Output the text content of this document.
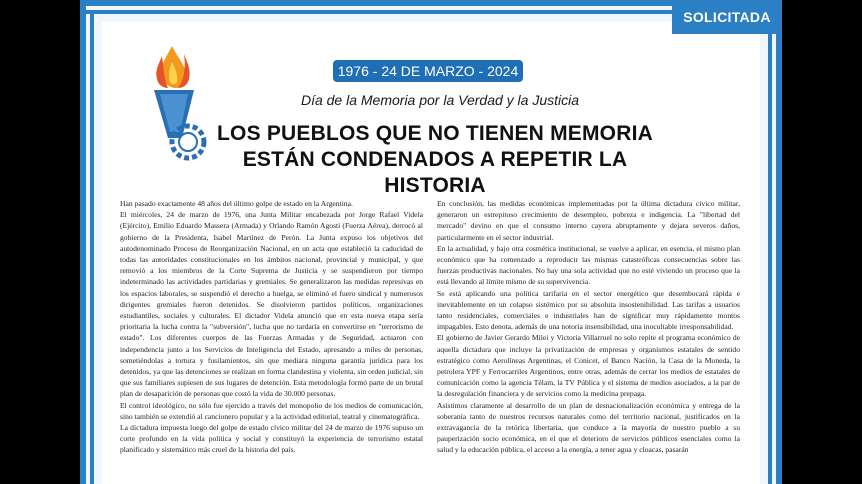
SOLICITADA
1976 - 24 DE MARZO - 2024
Día de la Memoria por la Verdad y la Justicia
LOS PUEBLOS QUE NO TIENEN MEMORIA
ESTÁN CONDENADOS A REPETIR LA HISTORIA

Han pasado exactamente 48 años del último golpe de estado en la Argentina.

El miércoles, 24 de marzo de 1976, una Junta Militar encabezada por Jorge Rafael Videla (Ejército), Emilio Eduardo Massera (Armada) y Orlando Ramón Agosti (Fuerza Aérea), derrocó al gobierno de la Presidenta, Isabel Martínez de Perón. La Junta expuso los objetivos del autodenominado Proceso de Reorganización Nacional, en un acta que estableció la caducidad de todas las autoridades constitucionales en los ámbitos nacional, provincial y municipal, y que removió a los miembros de la Corte Suprema de Justicia y se suspendieron por tiempo indeterminado las actividades partidarias y gremiales. Se generalizaron las medidas represivas en los espacios laborales, se suspendió el derecho a huelga, se eliminó el fuero sindical y numerosos dirigentes gremiales fueron detenidos. Se disolvieron partidos políticos, organizaciones estudiantiles, sociales y culturales. El dictador Videla anunció que en esta nueva etapa sería prioritaria la lucha contra la "subversión", lucha que no tardaría en convertirse en "terrorismo de estado". Los diferentes cuerpos de las Fuerzas Armadas y de Seguridad, actuaron con independencia junto a los Servicios de Inteligencia del Estado, apresando a miles de personas, sometiéndolas a tortura y fusilamientos, sin que mediara ninguna garantía jurídica para los detenidos, ya que las detenciones se realizan en forma clandestina y violenta, sin orden judicial, sin que sus familiares supiesen de sus lugares de detención. Esta metodología formó parte de un brutal plan de desaparición de personas que costó la vida de 30.000 personas.

El control ideológico, no sólo fue ejercido a través del monopolio de los medios de comunicación, sino también se extendió al cancionero popular y a la actividad editorial, teatral y cinematográfica.

La dictadura impuesta luego del golpe de estado cívico militar del 24 de marzo de 1976 supuso un corte profundo en la vida política y social y constituyó la experiencia de terrorismo estatal planificado y sistemático más cruel de la historia del país.

En conclusión, las medidas económicas implementadas por la última dictadura cívico militar, generaron un estrepitoso crecimiento de desempleo, pobreza e indigencia. La "libertad del mercado" devino en que el consumo interno cayera abruptamente y dejara severos daños, particularmente en el sector industrial.

En la actualidad, y bajo otra cosmética institucional, se vuelve a aplicar, en esencia, el mismo plan económico que ha comenzado a reproducir las mismas catastróficas consecuencias sobre las fuerzas productivas nacionales. No hay una sola actividad que no esté viviendo un proceso que la está llevando al límite mismo de su supervivencia.

Se está aplicando una política tarifaria en el sector energético que desembocará rápida e inevitablemente en un colapso sistémico por su absoluta insostenibilidad. Las tarifas a usuarios tanto residenciales, comerciales e industriales han de significar muy rápidamente montos impagables. Esto denota, además de una notoria insensibilidad, una inocultable irresponsabilidad.

El gobierno de Javier Gerardo Milei y Victoria Villarruel no solo repite el programa económico de aquella dictadura que incluye la privatización de empresas y organismos estatales de sentido estratégico como Aerolíneas Argentinas, el Conicet, el Banco Nación, la Casa de la Moneda, la petrolera YPF y Ferrocarriles Argentinos, entre otras, además de cerrar los medios de estatales de comunicación como la agencia Télam, la TV Pública y el sistema de medios asociados, a la par de la desregulación financiera y de servicios como la medicina prepaga.

Asistimos claramente al desarrollo de un plan de desnacionalización económica y entrega de la soberanía tanto de nuestros recursos naturales como del territorio nacional, justificados en la extravagancia de la retórica libertaria, que conduce a la mayoría de nuestro pueblo a su pauperización socio económica, en el que el deterioro de servicios públicos esenciales como la salud y la educación pública, el acceso a la energía, a tener agua y cloacas, pasarán
